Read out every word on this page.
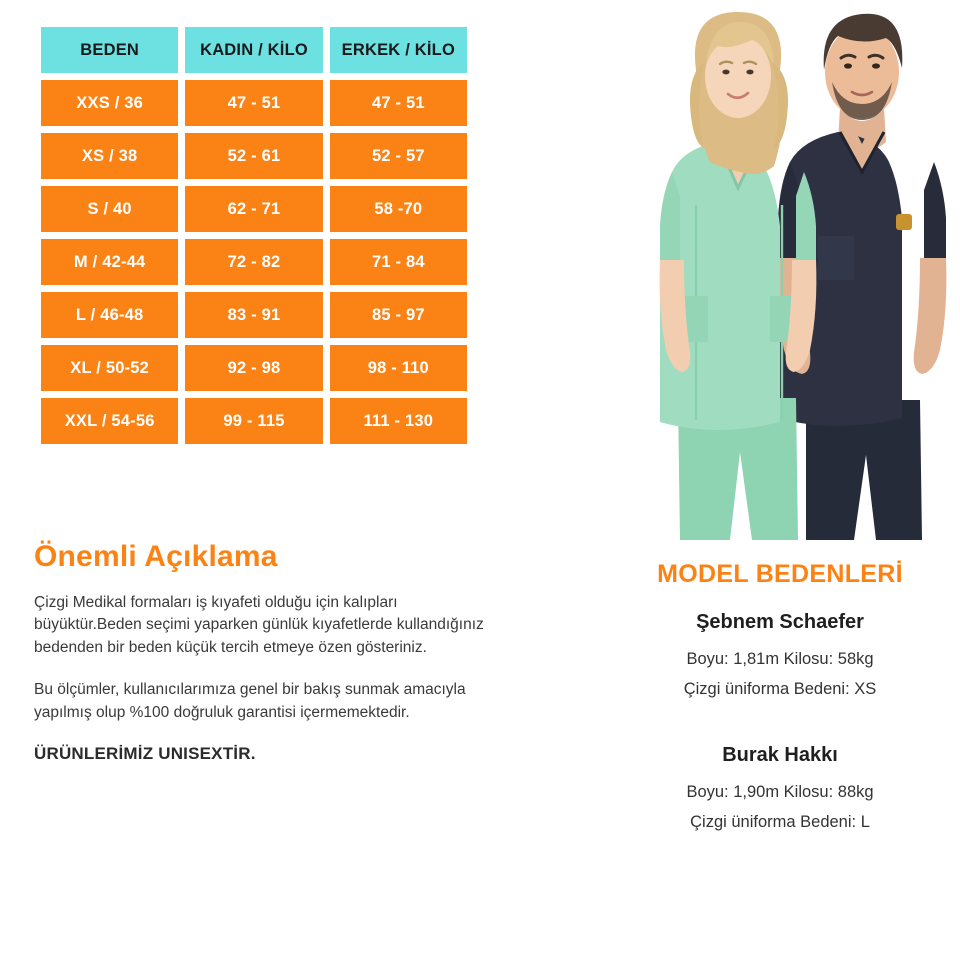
BEDEN	KADIN / KİLO	ERKEK / KİLO
XXS / 36	47 - 51	47 - 51
XS / 38	52 - 61	52 - 57
S / 40	62 - 71	58 -70
M / 42-44	72 - 82	71 - 84
L / 46-48	83 - 91	85 - 97
XL / 50-52	92 - 98	98 - 110
XXL / 54-56	99 - 115	111 - 130
Önemli Açıklama

Çizgi Medikal formaları iş kıyafeti olduğu için kalıpları büyüktür.Beden seçimi yaparken günlük kıyafetlerde kullandığınız bedenden bir beden küçük tercih etmeye özen gösteriniz.

Bu ölçümler, kullanıcılarımıza genel bir bakış sunmak amacıyla yapılmış olup %100 doğruluk garantisi içermemektedir.

ÜRÜNLERİMİZ UNISEXTİR.

MODEL BEDENLERİ

Şebnem Schaefer

Boyu: 1,81m Kilosu: 58kg

Çizgi üniforma Bedeni: XS

Burak Hakkı

Boyu: 1,90m Kilosu: 88kg

Çizgi üniforma Bedeni: L
